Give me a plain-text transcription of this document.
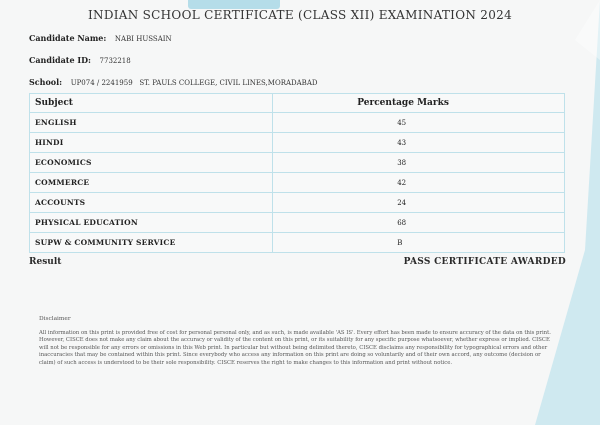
INDIAN SCHOOL CERTIFICATE (CLASS XII) EXAMINATION 2024
Candidate Name: NABI HUSSAIN
Candidate ID: 7732218
School: UP074 / 2241959   ST. PAULS COLLEGE, CIVIL LINES,MORADABAD
Subject	Percentage Marks
ENGLISH	45
HINDI	43
ECONOMICS	38
COMMERCE	42
ACCOUNTS	24
PHYSICAL EDUCATION	68
SUPW & COMMUNITY SERVICE	B
Result	PASS CERTIFICATE AWARDED
Disclaimer
All information on this print is provided free of cost for personal personal only, and as such, is made available 'AS IS'. Every effort has been made to ensure accuracy of the data on this print. However, CISCE does not make any claim about the accuracy or validity of the content on this print, or its suitability for any specific purpose whatsoever, whether express or implied. CISCE will not be responsible for any errors or omissions in this Web print. In particular but without being delimited thereto, CISCE disclaims any responsibility for typographical errors and other inaccuracies that may be contained within this print. Since everybody who access any information on this print are doing so voluntarily and of their own accord, any outcome (decision or claim) of such access is understood to be their sole responsibility. CISCE reserves the right to make changes to this information and print without notice.
